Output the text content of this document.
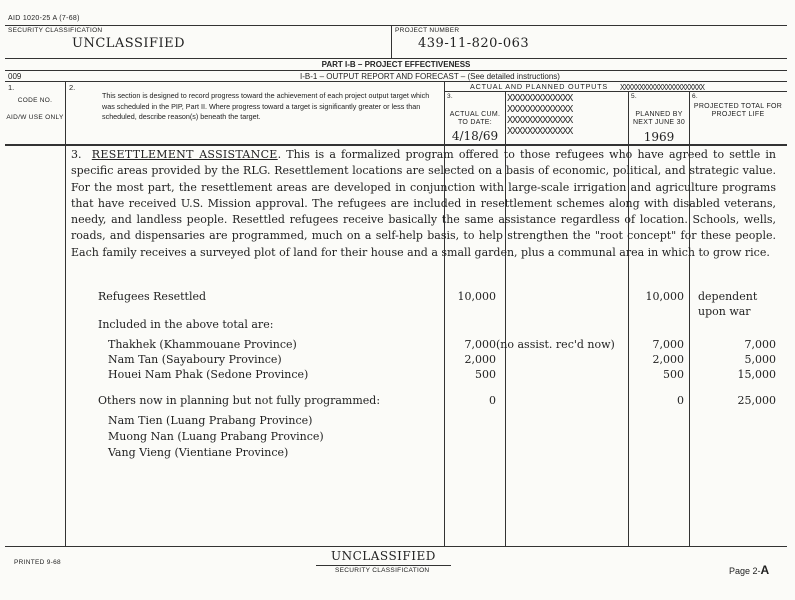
AID 1020-25 A (7-68)
SECURITY CLASSIFICATION
UNCLASSIFIED
PROJECT NUMBER
439-11-820-063
PART I-B – PROJECT EFFECTIVENESS
009	I-B-1 – OUTPUT REPORT AND FORECAST – (See detailed instructions)
1.
CODE NO.
AID/W USE ONLY
2.
This section is designed to record progress toward the achievement of each project output target which was scheduled in the PIP, Part II. Where progress toward a target is significantly greater or less than scheduled, describe reason(s) beneath the target.
ACTUAL AND PLANNED OUTPUTS XXXXXXXXXXXXXXXXXXXXXX
3.
ACTUAL CUM. TO DATE:
4/18/69
XXXXXXXXXXXXX
XXXXXXXXXXXXX
XXXXXXXXXXXXX
XXXXXXXXXXXXX
5.
PLANNED BY NEXT JUNE 30
1969
6.
PROJECTED TOTAL FOR PROJECT LIFE
3. RESETTLEMENT ASSISTANCE. This is a formalized program offered to those refugees who have agreed to settle in specific areas provided by the RLG. Resettlement locations are selected on a basis of economic, political, and strategic value. For the most part, the resettlement areas are developed in conjunction with large-scale irrigation and agriculture programs that have received U.S. Mission approval. The refugees are included in resettlement schemes along with disabled veterans, needy, and landless people. Resettled refugees receive basically the same assistance regardless of location. Schools, wells, roads, and dispensaries are programmed, much on a self-help basis, to help strengthen the "root concept" for these people. Each family receives a surveyed plot of land for their house and a small garden, plus a communal area in which to grow rice.
Refugees Resettled	10,000	10,000 dependent
upon war
Included in the above total are:
Thakhek (Khammouane Province)	7,000 (no assist. rec'd now)	7,000	7,000
Nam Tan (Sayaboury Province)	2,000	2,000	5,000
Houei Nam Phak (Sedone Province)	500	500	15,000
Others now in planning but not fully programmed:	0	0	25,000
Nam Tien (Luang Prabang Province)
Muong Nan (Luang Prabang Province)
Vang Vieng (Vientiane Province)
PRINTED 9-68	UNCLASSIFIED
SECURITY CLASSIFICATION	Page 2-A
